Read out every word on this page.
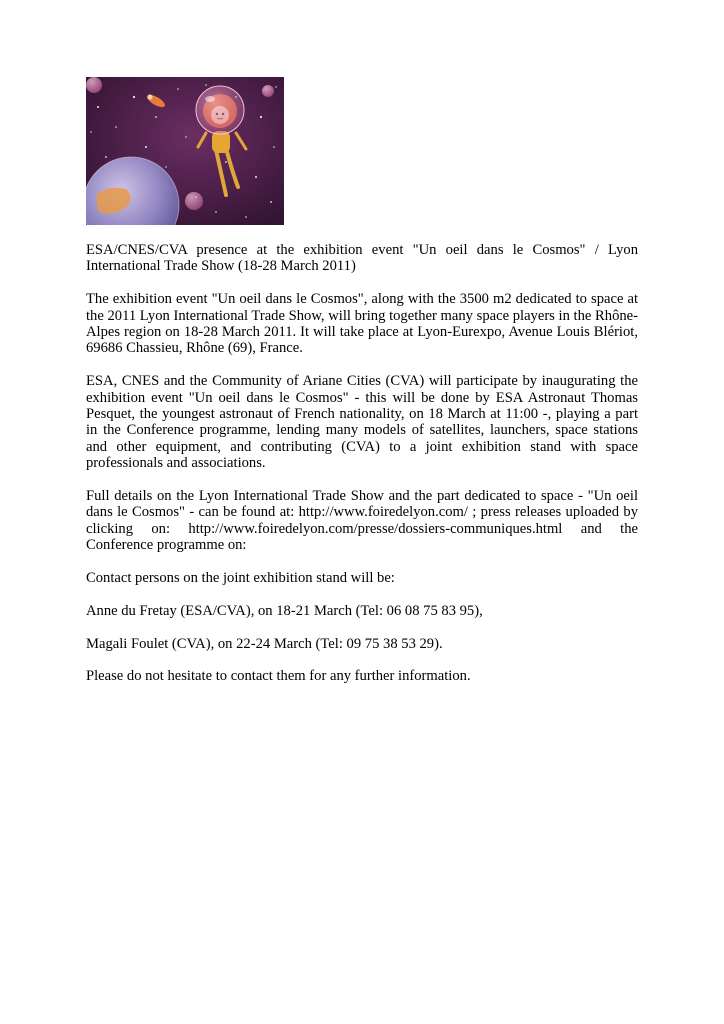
ESA/CNES/CVA presence at the exhibition event "Un oeil dans le Cosmos" / Lyon International Trade Show (18-28 March 2011)

The exhibition event "Un oeil dans le Cosmos", along with the 3500 m2 dedicated to space at the 2011 Lyon International Trade Show, will bring together many space players in the Rhône-Alpes region on 18-28 March 2011. It will take place at Lyon-Eurexpo, Avenue Louis Blériot, 69686 Chassieu, Rhône (69), France.

ESA, CNES and the Community of Ariane Cities (CVA) will participate by inaugurating the exhibition event "Un oeil dans le Cosmos" - this will be done by ESA Astronaut Thomas Pesquet, the youngest astronaut of French nationality, on 18 March at 11:00 -, playing a part in the Conference programme, lending many models of satellites, launchers, space stations and other equipment, and contributing (CVA) to a joint exhibition stand with space professionals and associations.

Full details on the Lyon International Trade Show and the part dedicated to space - "Un oeil dans le Cosmos" - can be found at: http://www.foiredelyon.com/ ; press releases uploaded by clicking on: http://www.foiredelyon.com/presse/dossiers-communiques.html and the Conference programme on:

Contact persons on the joint exhibition stand will be:

Anne du Fretay (ESA/CVA), on 18-21 March (Tel: 06 08 75 83 95),

Magali Foulet (CVA), on 22-24 March (Tel: 09 75 38 53 29).

Please do not hesitate to contact them for any further information.
